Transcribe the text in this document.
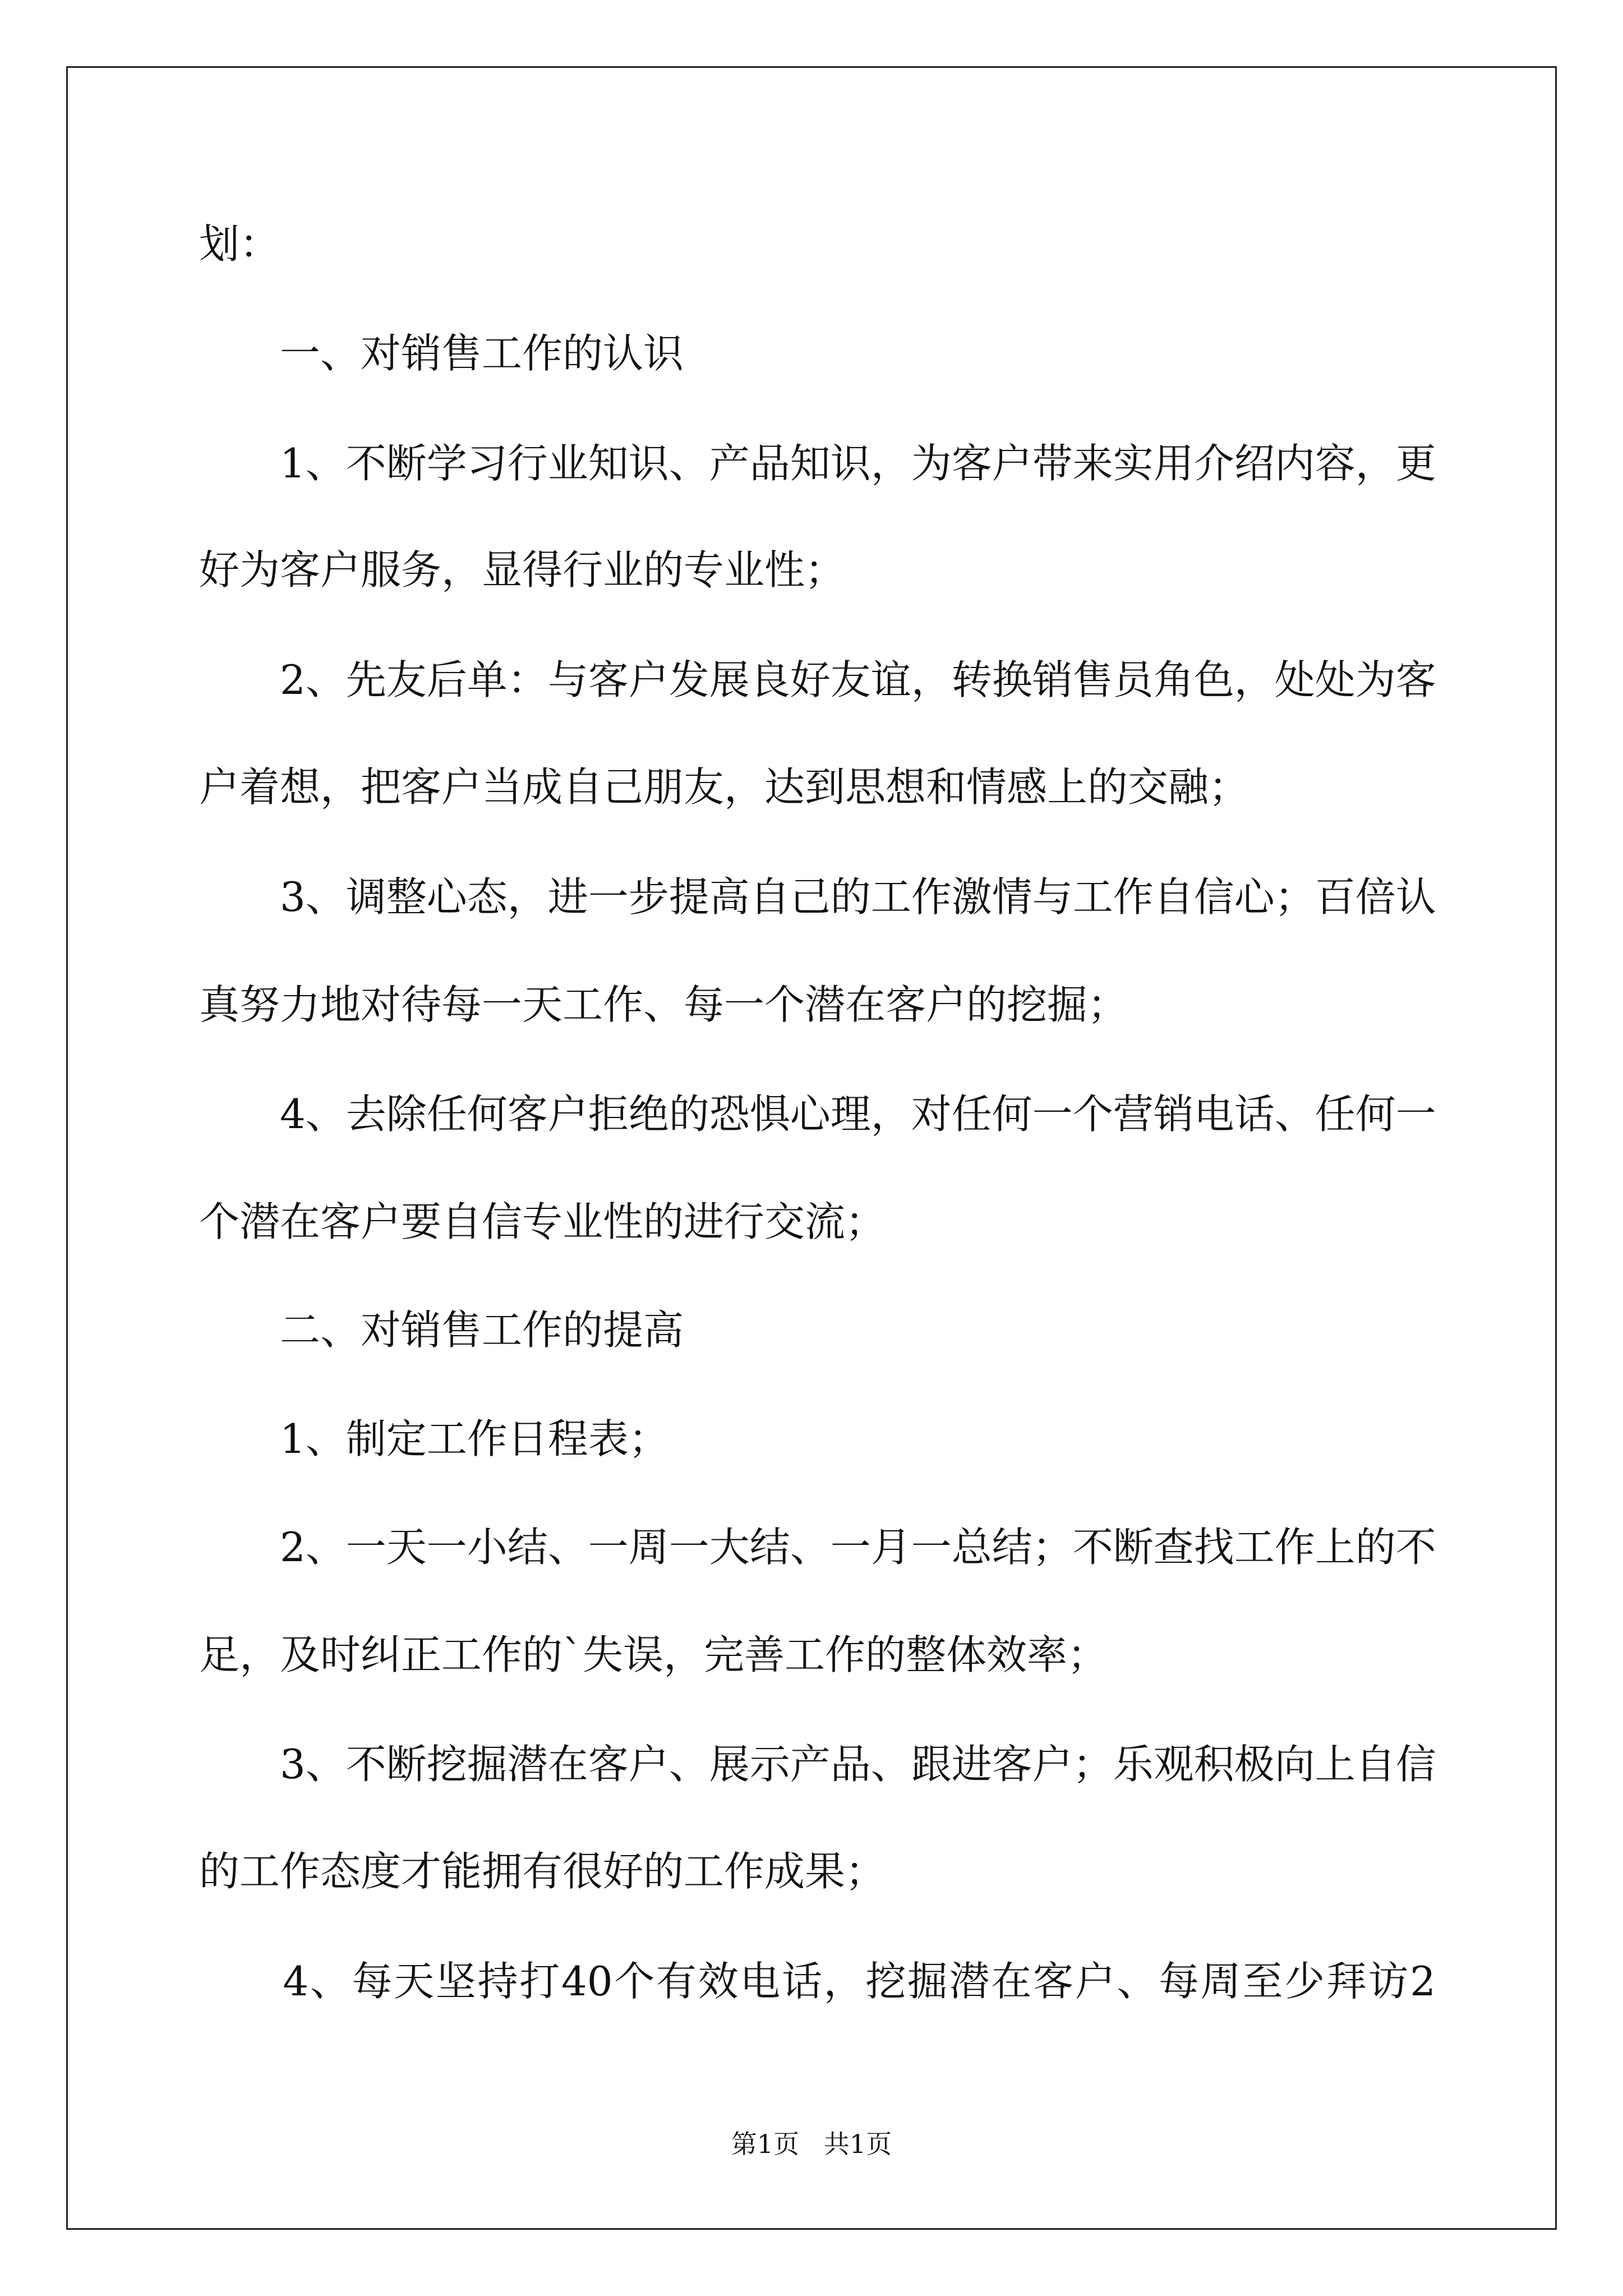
划：
　　一、对销售工作的认识
　　1、不断学习行业知识、产品知识，为客户带来实用介绍内容，更
好为客户服务，显得行业的专业性；
　　2、先友后单：与客户发展良好友谊，转换销售员角色，处处为客
户着想，把客户当成自己朋友，达到思想和情感上的交融；
　　3、调整心态，进一步提高自己的工作激情与工作自信心；百倍认
真努力地对待每一天工作、每一个潜在客户的挖掘；
　　4、去除任何客户拒绝的恐惧心理，对任何一个营销电话、任何一
个潜在客户要自信专业性的进行交流；
　　二、对销售工作的提高
　　1、制定工作日程表；
　　2、一天一小结、一周一大结、一月一总结；不断查找工作上的不
足，及时纠正工作的`失误，完善工作的整体效率；
　　3、不断挖掘潜在客户、展示产品、跟进客户；乐观积极向上自信
的工作态度才能拥有很好的工作成果；
　　4、每天坚持打40个有效电话，挖掘潜在客户、每周至少拜访2
第1页   共1页
